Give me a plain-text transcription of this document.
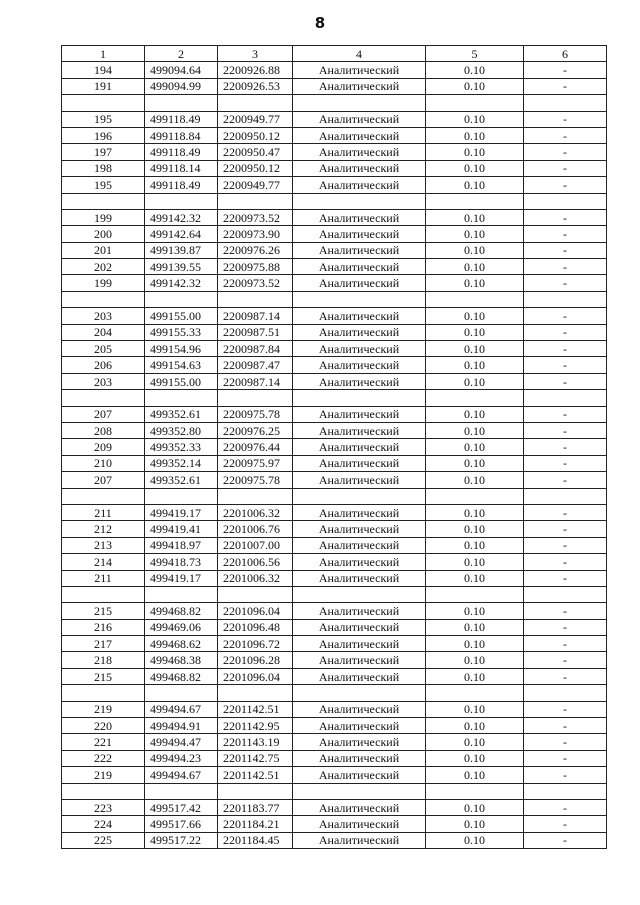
8
1	2	3	4	5	6
194	499094.64	2200926.88	Аналитический	0.10	-
191	499094.99	2200926.53	Аналитический	0.10	-

195	499118.49	2200949.77	Аналитический	0.10	-
196	499118.84	2200950.12	Аналитический	0.10	-
197	499118.49	2200950.47	Аналитический	0.10	-
198	499118.14	2200950.12	Аналитический	0.10	-
195	499118.49	2200949.77	Аналитический	0.10	-

199	499142.32	2200973.52	Аналитический	0.10	-
200	499142.64	2200973.90	Аналитический	0.10	-
201	499139.87	2200976.26	Аналитический	0.10	-
202	499139.55	2200975.88	Аналитический	0.10	-
199	499142.32	2200973.52	Аналитический	0.10	-

203	499155.00	2200987.14	Аналитический	0.10	-
204	499155.33	2200987.51	Аналитический	0.10	-
205	499154.96	2200987.84	Аналитический	0.10	-
206	499154.63	2200987.47	Аналитический	0.10	-
203	499155.00	2200987.14	Аналитический	0.10	-

207	499352.61	2200975.78	Аналитический	0.10	-
208	499352.80	2200976.25	Аналитический	0.10	-
209	499352.33	2200976.44	Аналитический	0.10	-
210	499352.14	2200975.97	Аналитический	0.10	-
207	499352.61	2200975.78	Аналитический	0.10	-

211	499419.17	2201006.32	Аналитический	0.10	-
212	499419.41	2201006.76	Аналитический	0.10	-
213	499418.97	2201007.00	Аналитический	0.10	-
214	499418.73	2201006.56	Аналитический	0.10	-
211	499419.17	2201006.32	Аналитический	0.10	-

215	499468.82	2201096.04	Аналитический	0.10	-
216	499469.06	2201096.48	Аналитический	0.10	-
217	499468.62	2201096.72	Аналитический	0.10	-
218	499468.38	2201096.28	Аналитический	0.10	-
215	499468.82	2201096.04	Аналитический	0.10	-

219	499494.67	2201142.51	Аналитический	0.10	-
220	499494.91	2201142.95	Аналитический	0.10	-
221	499494.47	2201143.19	Аналитический	0.10	-
222	499494.23	2201142.75	Аналитический	0.10	-
219	499494.67	2201142.51	Аналитический	0.10	-

223	499517.42	2201183.77	Аналитический	0.10	-
224	499517.66	2201184.21	Аналитический	0.10	-
225	499517.22	2201184.45	Аналитический	0.10	-
